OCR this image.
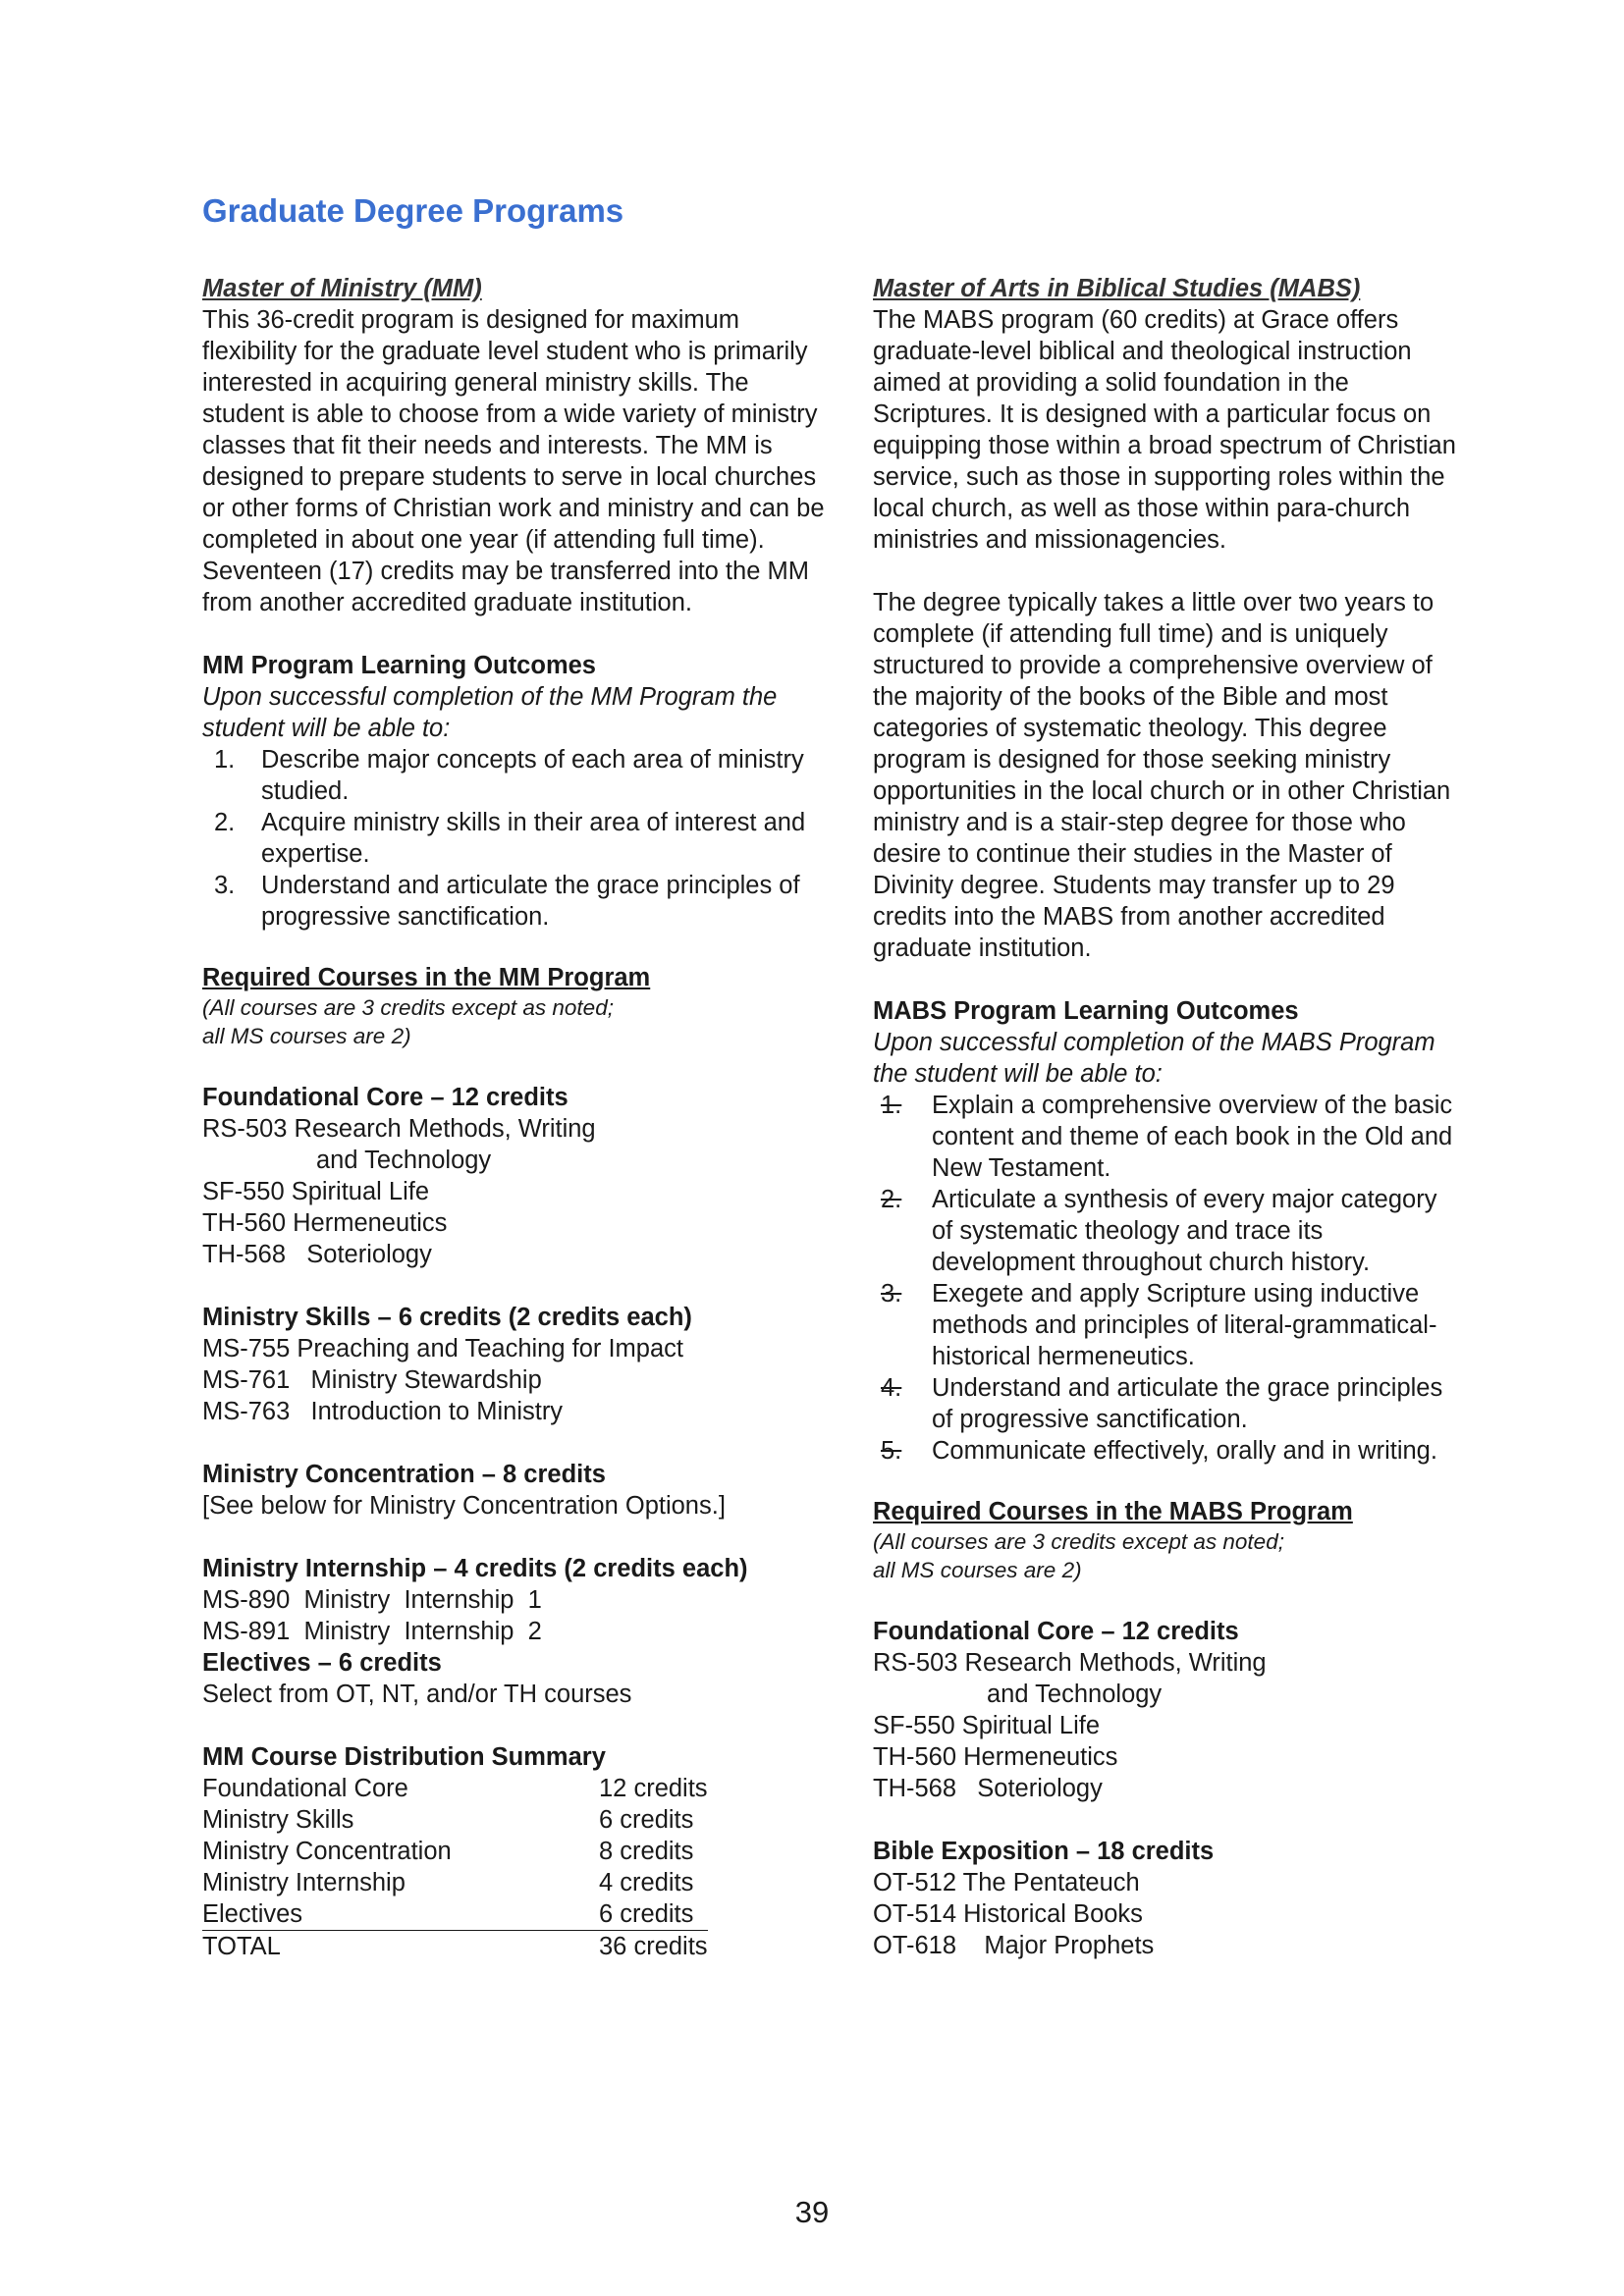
Graduate Degree Programs
Master of Ministry (MM)
This 36-credit program is designed for maximum flexibility for the graduate level student who is primarily interested in acquiring general ministry skills. The student is able to choose from a wide variety of ministry classes that fit their needs and interests. The MM is designed to prepare students to serve in local churches or other forms of Christian work and ministry and can be completed in about one year (if attending full time). Seventeen (17) credits may be transferred into the MM from another accredited graduate institution.
MM Program Learning Outcomes
Upon successful completion of the MM Program the student will be able to:
1. Describe major concepts of each area of ministry studied.
2. Acquire ministry skills in their area of interest and expertise.
3. Understand and articulate the grace principles of progressive sanctification.
Required Courses in the MM Program
(All courses are 3 credits except as noted;
all MS courses are 2)
Foundational Core – 12 credits
RS-503 Research Methods, Writing
and Technology
SF-550 Spiritual Life
TH-560 Hermeneutics
TH-568   Soteriology
Ministry Skills – 6 credits (2 credits each)
MS-755 Preaching and Teaching for Impact
MS-761   Ministry Stewardship
MS-763   Introduction to Ministry
Ministry Concentration – 8 credits
[See below for Ministry Concentration Options.]
Ministry Internship – 4 credits (2 credits each)
MS-890  Ministry  Internship  1
MS-891  Ministry  Internship  2
Electives – 6 credits
Select from OT, NT, and/or TH courses
MM Course Distribution Summary
Foundational Core	12 credits
Ministry Skills	6 credits
Ministry Concentration	8 credits
Ministry Internship	4 credits
Electives	6 credits
TOTAL	36 credits
Master of Arts in Biblical Studies (MABS)
The MABS program (60 credits) at Grace offers graduate-level biblical and theological instruction aimed at providing a solid foundation in the Scriptures. It is designed with a particular focus on equipping those within a broad spectrum of Christian service, such as those in supporting roles within the local church, as well as those within para-church ministries and missionagencies.
The degree typically takes a little over two years to complete (if attending full time) and is uniquely structured to provide a comprehensive overview of the majority of the books of the Bible and most categories of systematic theology. This degree program is designed for those seeking ministry opportunities in the local church or in other Christian ministry and is a stair-step degree for those who desire to continue their studies in the Master of Divinity degree. Students may transfer up to 29 credits into the MABS from another accredited graduate institution.
MABS Program Learning Outcomes
Upon successful completion of the MABS Program the student will be able to:
1. Explain a comprehensive overview of the basic content and theme of each book in the Old and New Testament.
2. Articulate a synthesis of every major category of systematic theology and trace its development throughout church history.
3. Exegete and apply Scripture using inductive methods and principles of literal-grammatical-historical hermeneutics.
4. Understand and articulate the grace principles of progressive sanctification.
5. Communicate effectively, orally and in writing.
Required Courses in the MABS Program
(All courses are 3 credits except as noted;
all MS courses are 2)
Foundational Core – 12 credits
RS-503 Research Methods, Writing
and Technology
SF-550 Spiritual Life
TH-560 Hermeneutics
TH-568   Soteriology
Bible Exposition – 18 credits
OT-512 The Pentateuch
OT-514 Historical Books
OT-618    Major Prophets
39
